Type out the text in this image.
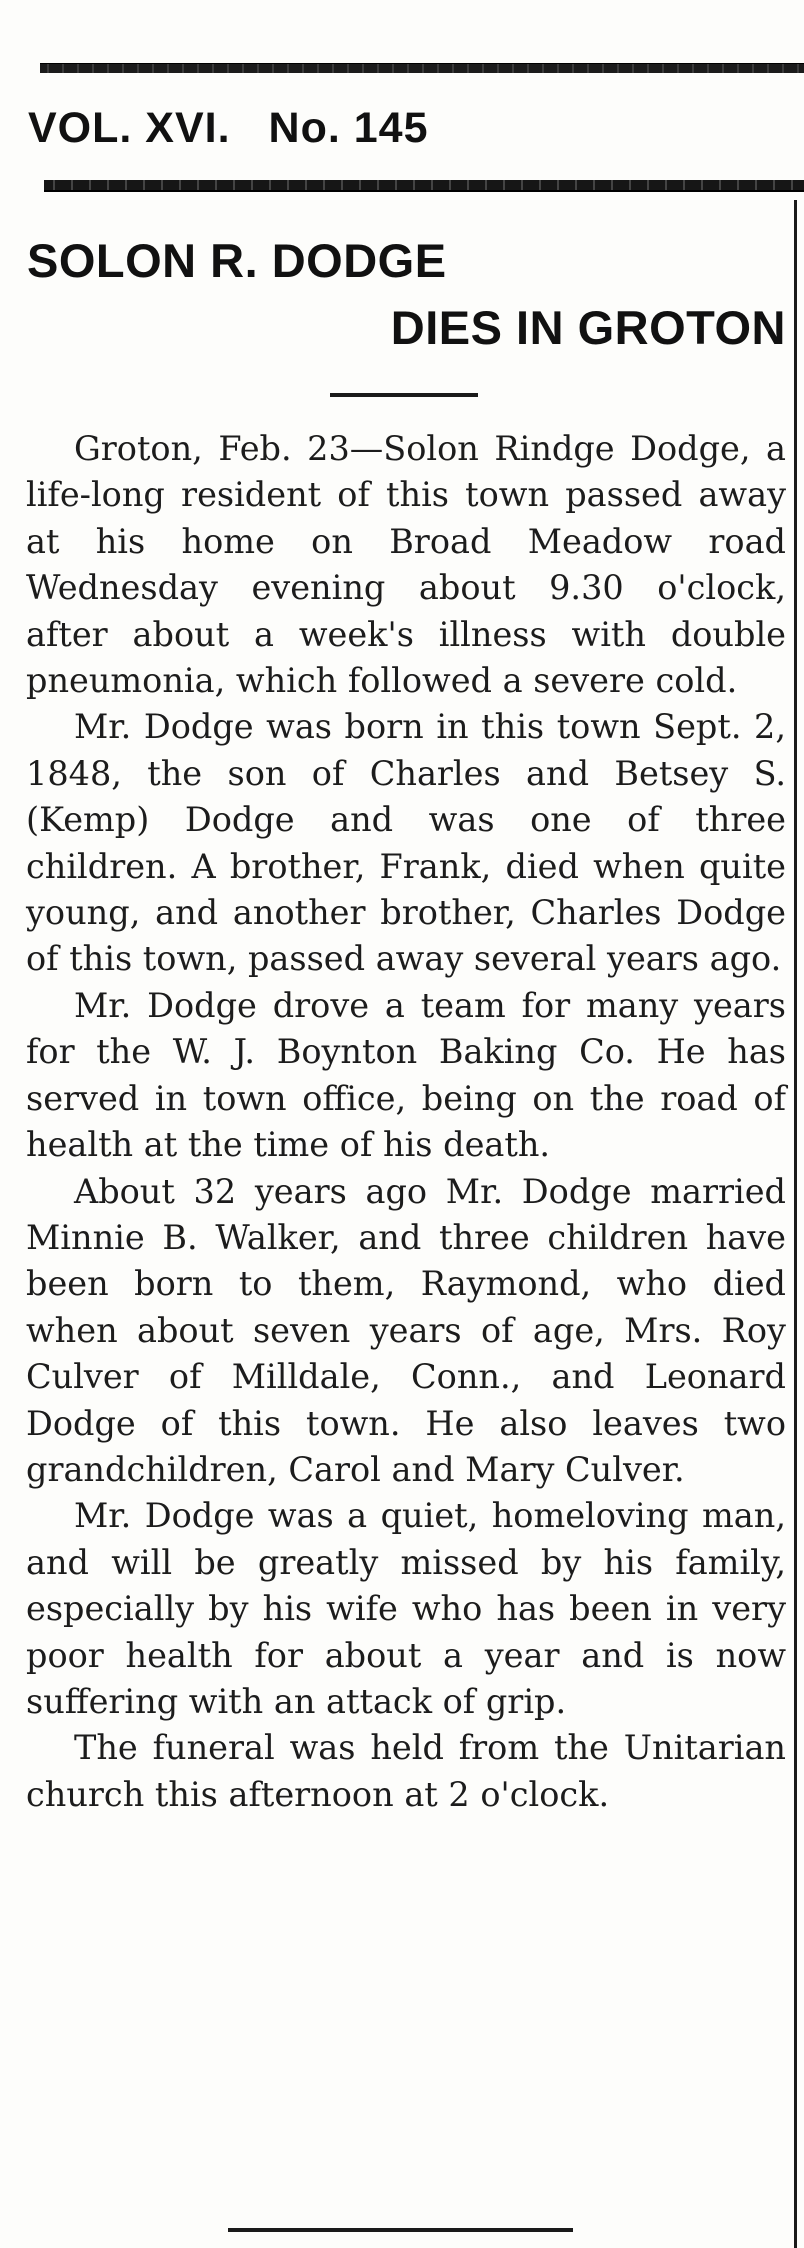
VOL. XVI. No. 145
SOLON R. DODGE
DIES IN GROTON

Groton, Feb. 23—Solon Rindge Dodge, a life-long resident of this town passed away at his home on Broad Meadow road Wednesday evening about 9.30 o'clock, after about a week's illness with double pneumonia, which followed a severe cold.

Mr. Dodge was born in this town Sept. 2, 1848, the son of Charles and Betsey S. (Kemp) Dodge and was one of three children. A brother, Frank, died when quite young, and another brother, Charles Dodge of this town, passed away several years ago.

Mr. Dodge drove a team for many years for the W. J. Boynton Baking Co. He has served in town office, being on the road of health at the time of his death.

About 32 years ago Mr. Dodge married Minnie B. Walker, and three children have been born to them, Raymond, who died when about seven years of age, Mrs. Roy Culver of Milldale, Conn., and Leonard Dodge of this town. He also leaves two grandchildren, Carol and Mary Culver.

Mr. Dodge was a quiet, homeloving man, and will be greatly missed by his family, especially by his wife who has been in very poor health for about a year and is now suffering with an attack of grip.

The funeral was held from the Unitarian church this afternoon at 2 o'clock.
